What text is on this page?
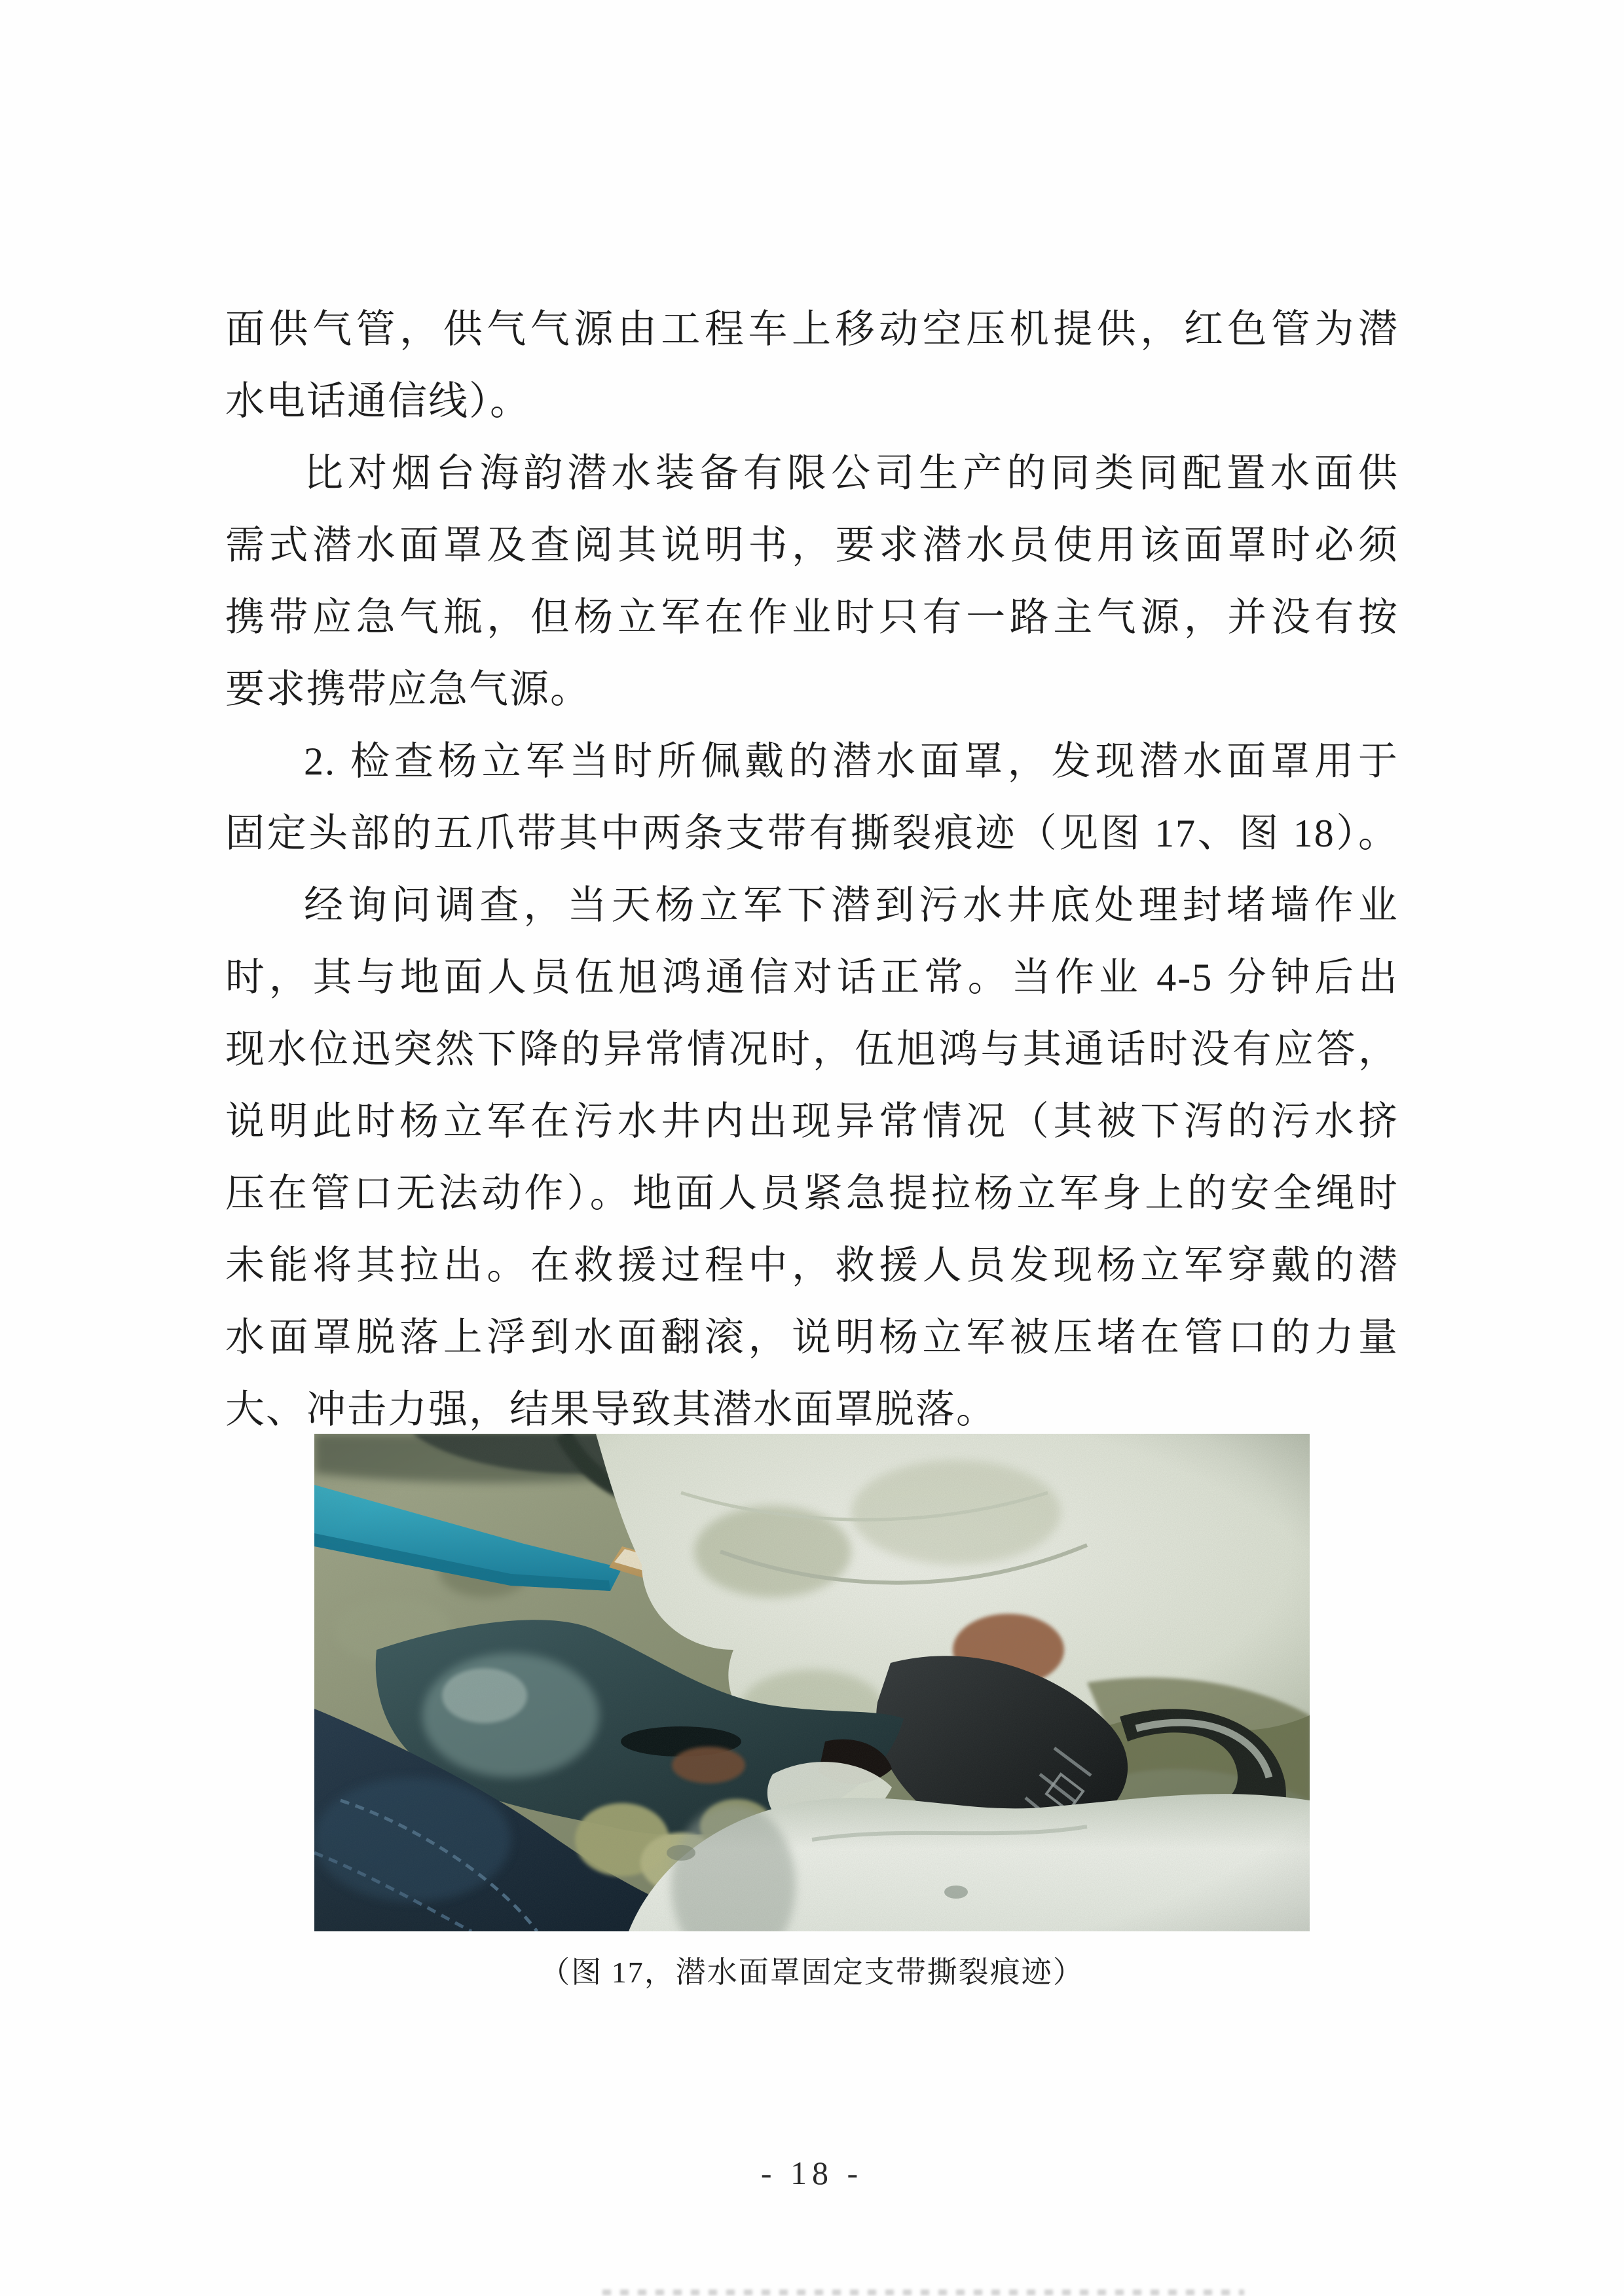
面供气管，供气气源由工程车上移动空压机提供，红色管为潜
水电话通信线）。
比对烟台海韵潜水装备有限公司生产的同类同配置水面供
需式潜水面罩及查阅其说明书，要求潜水员使用该面罩时必须
携带应急气瓶，但杨立军在作业时只有一路主气源，并没有按
要求携带应急气源。
2. 检查杨立军当时所佩戴的潜水面罩，发现潜水面罩用于
固定头部的五爪带其中两条支带有撕裂痕迹（见图 17、图 18）。
经询问调查，当天杨立军下潜到污水井底处理封堵墙作业
时，其与地面人员伍旭鸿通信对话正常。当作业 4-5 分钟后出
现水位迅突然下降的异常情况时，伍旭鸿与其通话时没有应答，
说明此时杨立军在污水井内出现异常情况（其被下泻的污水挤
压在管口无法动作）。地面人员紧急提拉杨立军身上的安全绳时
未能将其拉出。在救援过程中，救援人员发现杨立军穿戴的潜
水面罩脱落上浮到水面翻滚，说明杨立军被压堵在管口的力量
大、冲击力强，结果导致其潜水面罩脱落。
（图 17，潜水面罩固定支带撕裂痕迹）
- 18 -
